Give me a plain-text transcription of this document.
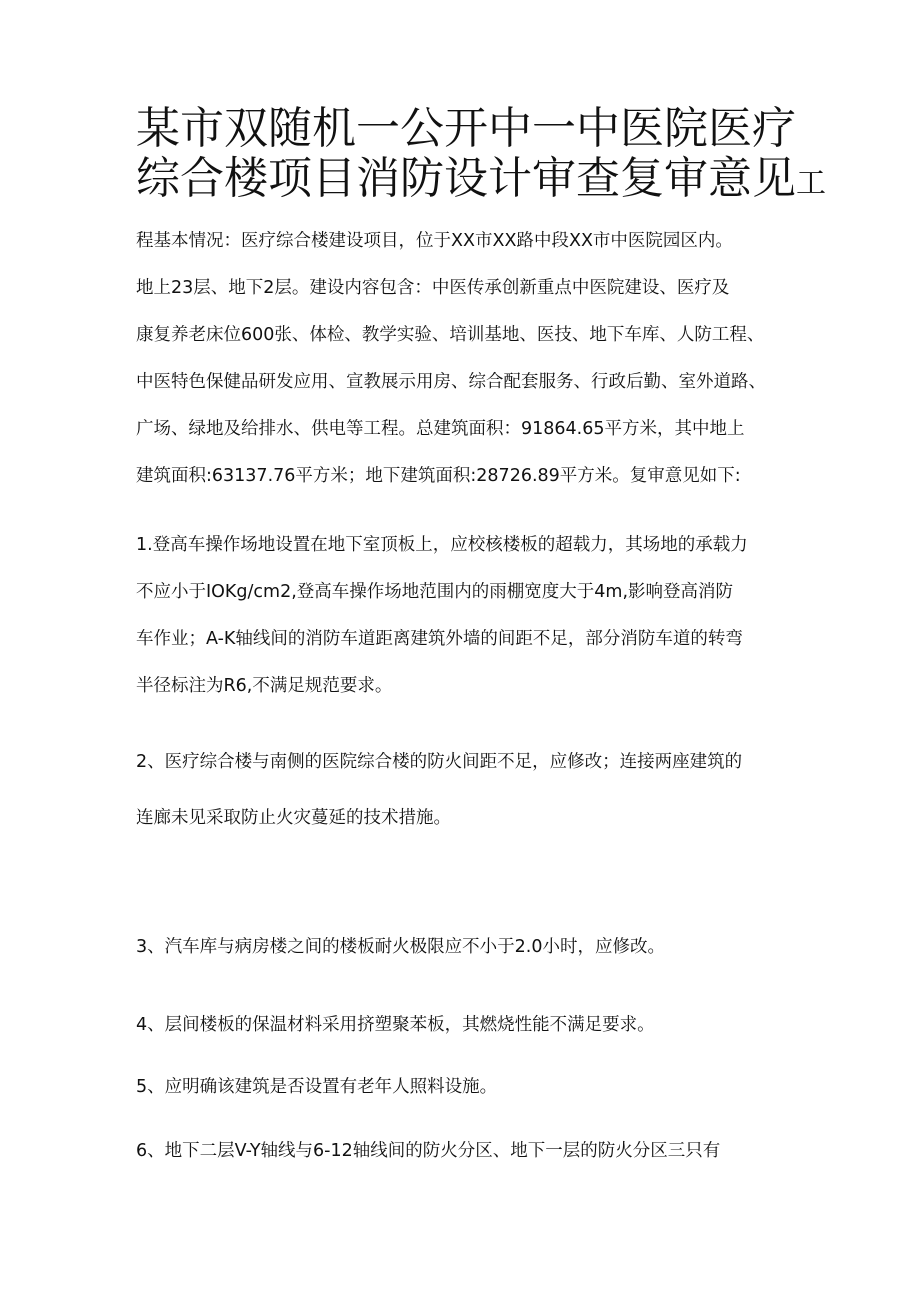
某市双随机一公开中一中医院医疗
综合楼项目消防设计审查复审意见工

程基本情况：医疗综合楼建设项目，位于XX市XX路中段XX市中医院园区内。
地上23层、地下2层。建设内容包含：中医传承创新重点中医院建设、医疗及
康复养老床位600张、体检、教学实验、培训基地、医技、地下车库、人防工程、
中医特色保健品研发应用、宣教展示用房、综合配套服务、行政后勤、室外道路、
广场、绿地及给排水、供电等工程。总建筑面积：91864.65平方米，其中地上
建筑面积:63137.76平方米；地下建筑面积:28726.89平方米。复审意见如下:

1.登高车操作场地设置在地下室顶板上，应校核楼板的超载力，其场地的承载力
不应小于IOKg/cm2,登高车操作场地范围内的雨棚宽度大于4m,影响登高消防
车作业；A-K轴线间的消防车道距离建筑外墙的间距不足，部分消防车道的转弯
半径标注为R6,不满足规范要求。

2、医疗综合楼与南侧的医院综合楼的防火间距不足，应修改；连接两座建筑的
连廊未见采取防止火灾蔓延的技术措施。

3、汽车库与病房楼之间的楼板耐火极限应不小于2.0小时，应修改。

4、层间楼板的保温材料采用挤塑聚苯板，其燃烧性能不满足要求。

5、应明确该建筑是否设置有老年人照料设施。

6、地下二层V-Y轴线与6-12轴线间的防火分区、地下一层的防火分区三只有
